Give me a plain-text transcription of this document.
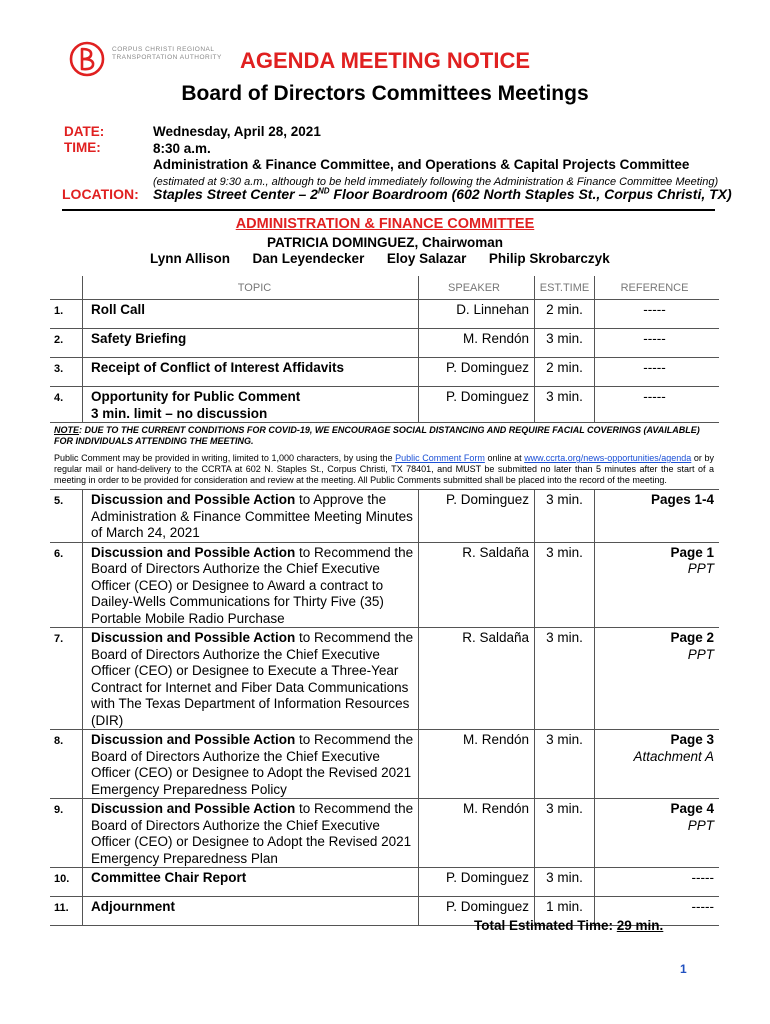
CORPUS CHRISTI REGIONAL
TRANSPORTATION AUTHORITY AGENDA MEETING NOTICE
Board of Directors Committees Meetings
DATE:
TIME:
Wednesday, April 28, 2021
8:30 a.m.
Administration & Finance Committee, and Operations & Capital Projects Committee
(estimated at 9:30 a.m., although to be held immediately following the Administration & Finance Committee Meeting)
LOCATION: Staples Street Center – 2ND Floor Boardroom (602 North Staples St., Corpus Christi, TX)
ADMINISTRATION & FINANCE COMMITTEE
PATRICIA DOMINGUEZ, Chairwoman
Lynn Allison Dan Leyendecker Eloy Salazar Philip Skrobarczyk
	TOPIC	SPEAKER	EST.TIME	REFERENCE
1.	Roll Call	D. Linnehan	2 min.	-----
2.	Safety Briefing	M. Rendón	3 min.	-----
3.	Receipt of Conflict of Interest Affidavits	P. Dominguez	2 min.	-----
4.	Opportunity for Public Comment
3 min. limit – no discussion	P. Dominguez	3 min.	-----

NOTE: DUE TO THE CURRENT CONDITIONS FOR COVID-19, WE ENCOURAGE SOCIAL DISTANCING AND REQUIRE FACIAL COVERINGS (AVAILABLE) FOR INDIVIDUALS ATTENDING THE MEETING.
Public Comment may be provided in writing, limited to 1,000 characters, by using the Public Comment Form online at www.ccrta.org/news-opportunities/agenda or by regular mail or hand-delivery to the CCRTA at 602 N. Staples St., Corpus Christi, TX 78401, and MUST be submitted no later than 5 minutes after the start of a meeting in order to be provided for consideration and review at the meeting. All Public Comments submitted shall be placed into the record of the meeting.				

5.	Discussion and Possible Action to Approve the Administration & Finance Committee Meeting Minutes of March 24, 2021	P. Dominguez	3 min.	Pages 1-4
6.	Discussion and Possible Action to Recommend the Board of Directors Authorize the Chief Executive Officer (CEO) or Designee to Award a contract to Dailey-Wells Communications for Thirty Five (35) Portable Mobile Radio Purchase	R. Saldaña	3 min.	Page 1
PPT

7.	Discussion and Possible Action to Recommend the Board of Directors Authorize the Chief Executive Officer (CEO) or Designee to Execute a Three-Year Contract for Internet and Fiber Data Communications with The Texas Department of Information Resources (DIR)	R. Saldaña	3 min.	Page 2
PPT

8.	Discussion and Possible Action to Recommend the Board of Directors Authorize the Chief Executive Officer (CEO) or Designee to Adopt the Revised 2021 Emergency Preparedness Policy	M. Rendón	3 min.	Page 3
Attachment A

9.	Discussion and Possible Action to Recommend the Board of Directors Authorize the Chief Executive Officer (CEO) or Designee to Adopt the Revised 2021 Emergency Preparedness Plan	M. Rendón	3 min.	Page 4
PPT

10.	Committee Chair Report	P. Dominguez	3 min.	-----
11.	Adjournment	P. Dominguez	1 min.	-----
Total Estimated Time: 29 min.
1
